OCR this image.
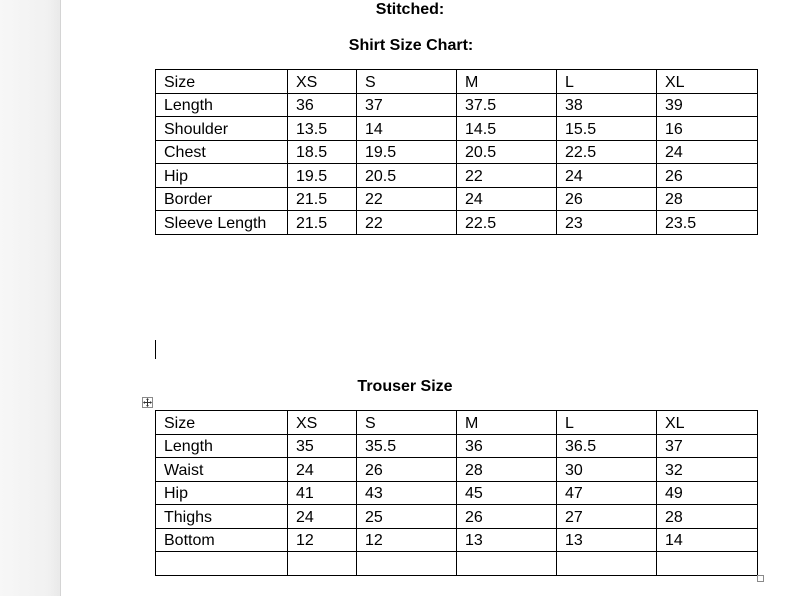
Stitched:
Shirt Size Chart:
Size	XS	S	M	L	XL
Length	36	37	37.5	38	39
Shoulder	13.5	14	14.5	15.5	16
Chest	18.5	19.5	20.5	22.5	24
Hip	19.5	20.5	22	24	26
Border	21.5	22	24	26	28
Sleeve Length	21.5	22	22.5	23	23.5
Trouser Size
Size	XS	S	M	L	XL
Length	35	35.5	36	36.5	37
Waist	24	26	28	30	32
Hip	41	43	45	47	49
Thighs	24	25	26	27	28
Bottom	12	12	13	13	14
